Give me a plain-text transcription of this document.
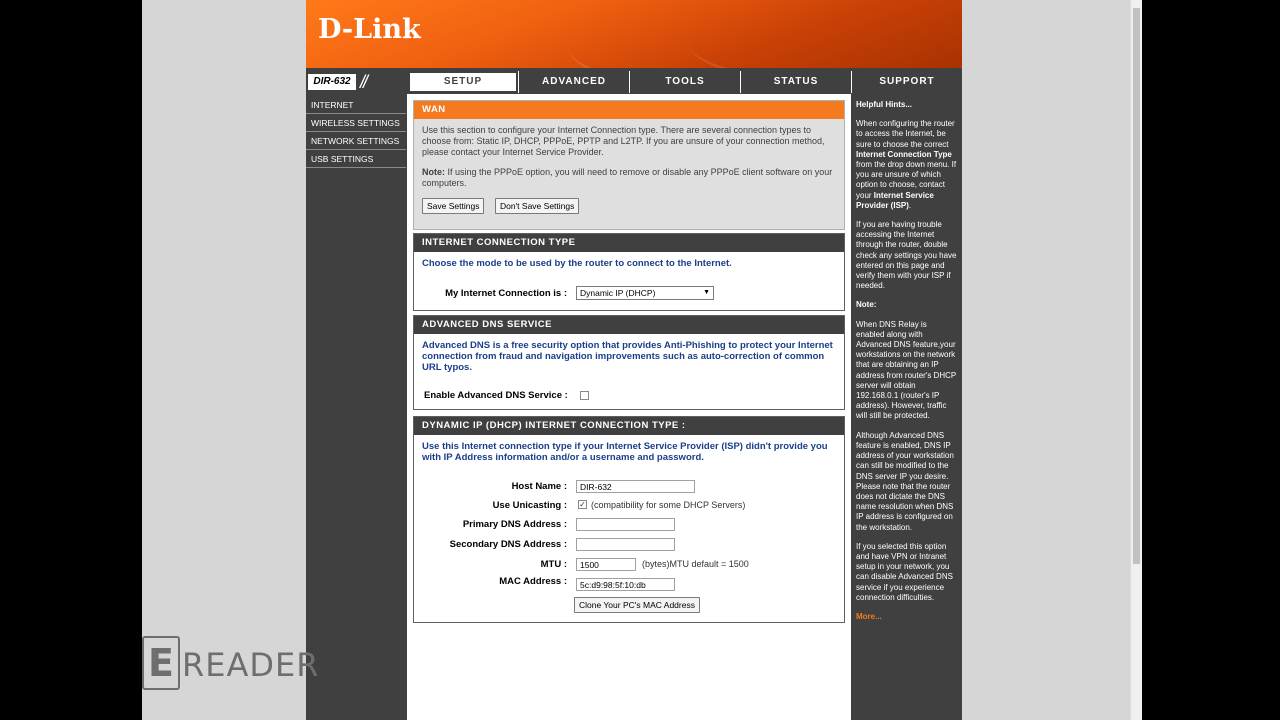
D-Link
DIR-632 //	SETUP	ADVANCED	TOOLS	STATUS	SUPPORT
INTERNET
WIRELESS SETTINGS
NETWORK SETTINGS
USB SETTINGS
WAN
Use this section to configure your Internet Connection type. There are several connection types to choose from: Static IP, DHCP, PPPoE, PPTP and L2TP. If you are unsure of your connection method, please contact your Internet Service Provider.
Note: If using the PPPoE option, you will need to remove or disable any PPPoE client software on your computers.
Save Settings Don't Save Settings
INTERNET CONNECTION TYPE
Choose the mode to be used by the router to connect to the Internet.
My Internet Connection is :	Dynamic IP (DHCP)	▼
ADVANCED DNS SERVICE
Advanced DNS is a free security option that provides Anti-Phishing to protect your Internet connection from fraud and navigation improvements such as auto-correction of common URL typos.
Enable Advanced DNS Service :
DYNAMIC IP (DHCP) INTERNET CONNECTION TYPE :
Use this Internet connection type if your Internet Service Provider (ISP) didn't provide you with IP Address information and/or a username and password.
Host Name :	DIR-632
Use Unicasting : ✓ (compatibility for some DHCP Servers)
Primary DNS Address :
Secondary DNS Address :
MTU :	1500	(bytes)MTU default = 1500
MAC Address :	5c:d9:98:5f:10:db
Clone Your PC's MAC Address

Helpful Hints...

When configuring the router to access the Internet, be sure to choose the correct Internet Connection Type from the drop down menu. If you are unsure of which option to choose, contact your Internet Service Provider (ISP).

If you are having trouble accessing the Internet through the router, double check any settings you have entered on this page and verify them with your ISP if needed.

Note:

When DNS Relay is enabled along with Advanced DNS feature,your workstations on the network that are obtaining an IP address from router's DHCP server will obtain 192.168.0.1 (router's IP address). However, traffic will still be protected.

Although Advanced DNS feature is enabled, DNS IP address of your workstation can still be modified to the DNS server IP you desire. Please note that the router does not dictate the DNS name resolution when DNS IP address is configured on the workstation.

If you selected this option and have VPN or Intranet setup in your network, you can disable Advanced DNS service if you experience connection difficulties.

More...

E READER
